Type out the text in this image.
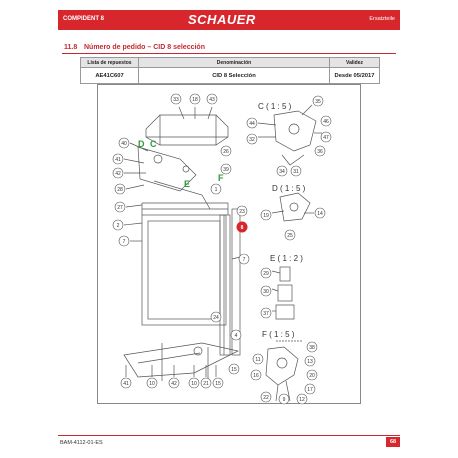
COMPIDENT 8	SCHAUER	Ersatzteile
11.8 Número de pedido – CID 8 selección
Lista de repuestos	Denominación	Validez
AE41C607	CID 8 Selección	Desde 05/2017
33	18 43
40
41
42
28
27
2
7
26
39
1
23
8
7
24
4
15
41	10	42	10 21 15
D C
E
F
C ( 1 : 5 )
D ( 1 : 5 )
E ( 1 : 2 )
F ( 1 : 5 )
35
44	46
47
32
34 31
36
19	14
25
29
30
37
38
11	13
16	20
17
12
22	9
BAM-4112-01-ES	68
